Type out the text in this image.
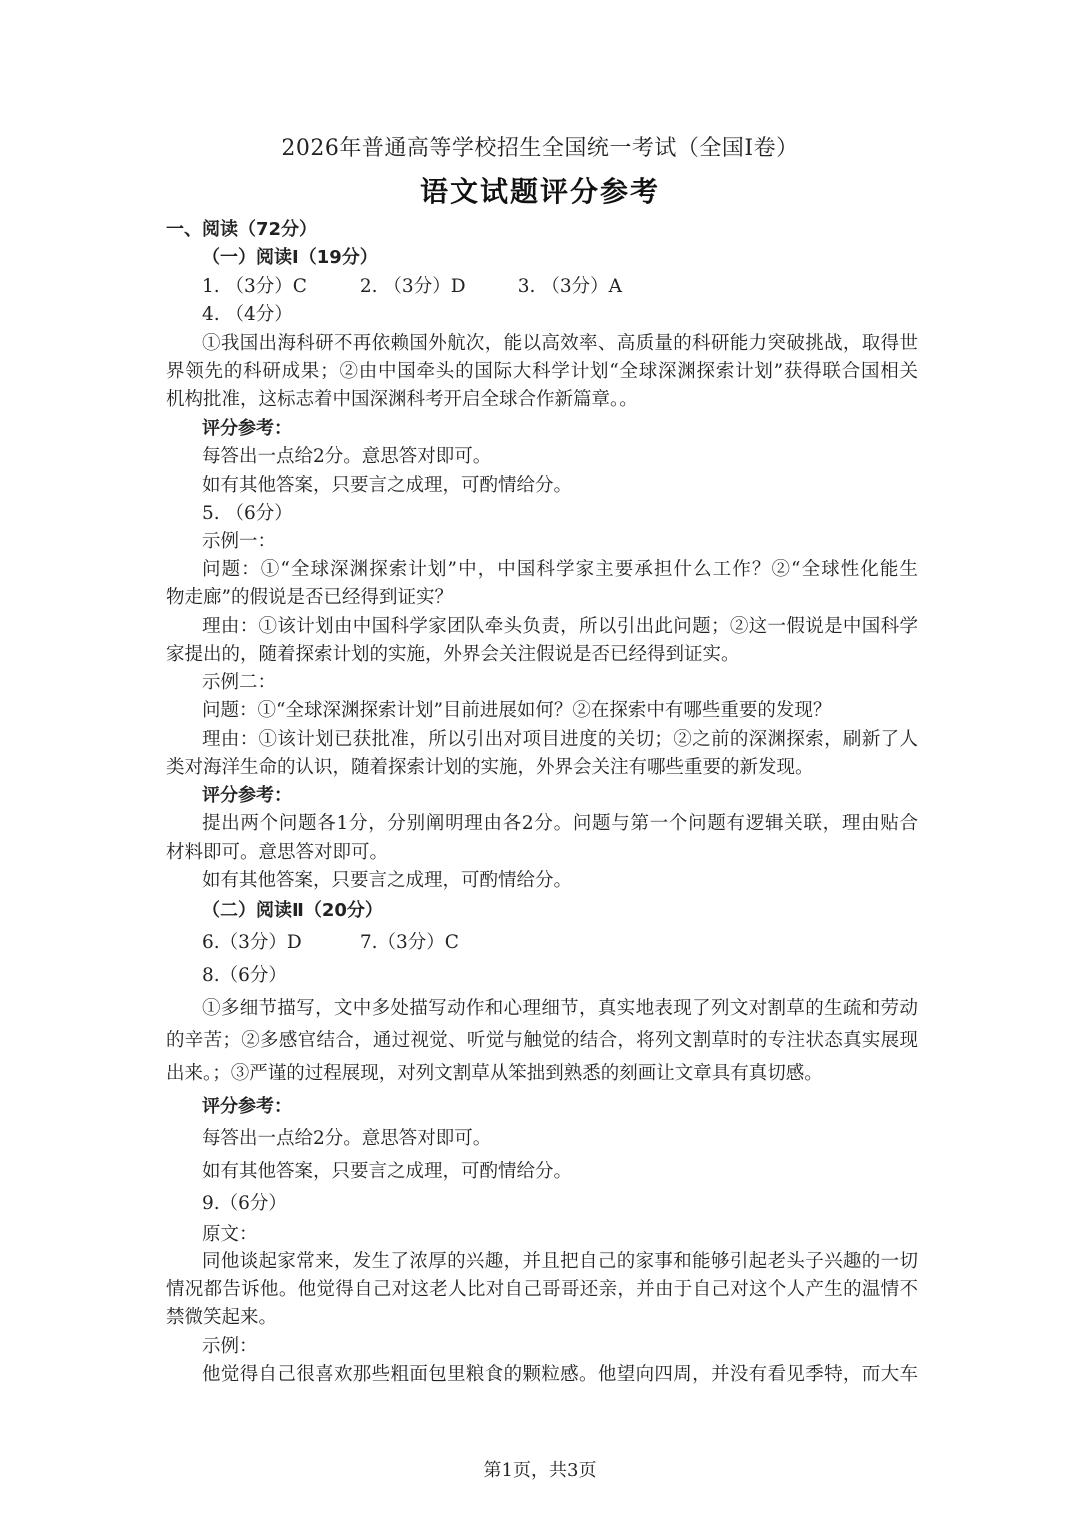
2026年普通高等学校招生全国统一考试（全国Ⅰ卷）
语文试题评分参考
一、阅读（72分）
（一）阅读Ⅰ（19分）
1. （3分）C	2. （3分）D	3. （3分）A
4. （4分）
①我国出海科研不再依赖国外航次，能以高效率、高质量的科研能力突破挑战，取得世
界领先的科研成果；②由中国牵头的国际大科学计划“全球深渊探索计划”获得联合国相关
机构批准，这标志着中国深渊科考开启全球合作新篇章。。
评分参考：
每答出一点给2分。意思答对即可。
如有其他答案，只要言之成理，可酌情给分。
5. （6分）
示例一：
问题：①“全球深渊探索计划”中，中国科学家主要承担什么工作？②“全球性化能生
物走廊”的假说是否已经得到证实？
理由：①该计划由中国科学家团队牵头负责，所以引出此问题；②这一假说是中国科学
家提出的，随着探索计划的实施，外界会关注假说是否已经得到证实。
示例二：
问题：①“全球深渊探索计划”目前进展如何？②在探索中有哪些重要的发现？
理由：①该计划已获批准，所以引出对项目进度的关切；②之前的深渊探索，刷新了人
类对海洋生命的认识，随着探索计划的实施，外界会关注有哪些重要的新发现。
评分参考：
提出两个问题各1分，分别阐明理由各2分。问题与第一个问题有逻辑关联，理由贴合
材料即可。意思答对即可。
如有其他答案，只要言之成理，可酌情给分。
（二）阅读Ⅱ（20分）
6.（3分）D	7.（3分）C
8.（6分）
①多细节描写，文中多处描写动作和心理细节，真实地表现了列文对割草的生疏和劳动
的辛苦；②多感官结合，通过视觉、听觉与触觉的结合，将列文割草时的专注状态真实展现
出来。；③严谨的过程展现，对列文割草从笨拙到熟悉的刻画让文章具有真切感。
评分参考：
每答出一点给2分。意思答对即可。
如有其他答案，只要言之成理，可酌情给分。
9.（6分）
原文：
同他谈起家常来，发生了浓厚的兴趣，并且把自己的家事和能够引起老头子兴趣的一切
情况都告诉他。他觉得自己对这老人比对自己哥哥还亲，并由于自己对这个人产生的温情不
禁微笑起来。
示例：
他觉得自己很喜欢那些粗面包里粮食的颗粒感。他望向四周，并没有看见季特，而大车
第1页，共3页
